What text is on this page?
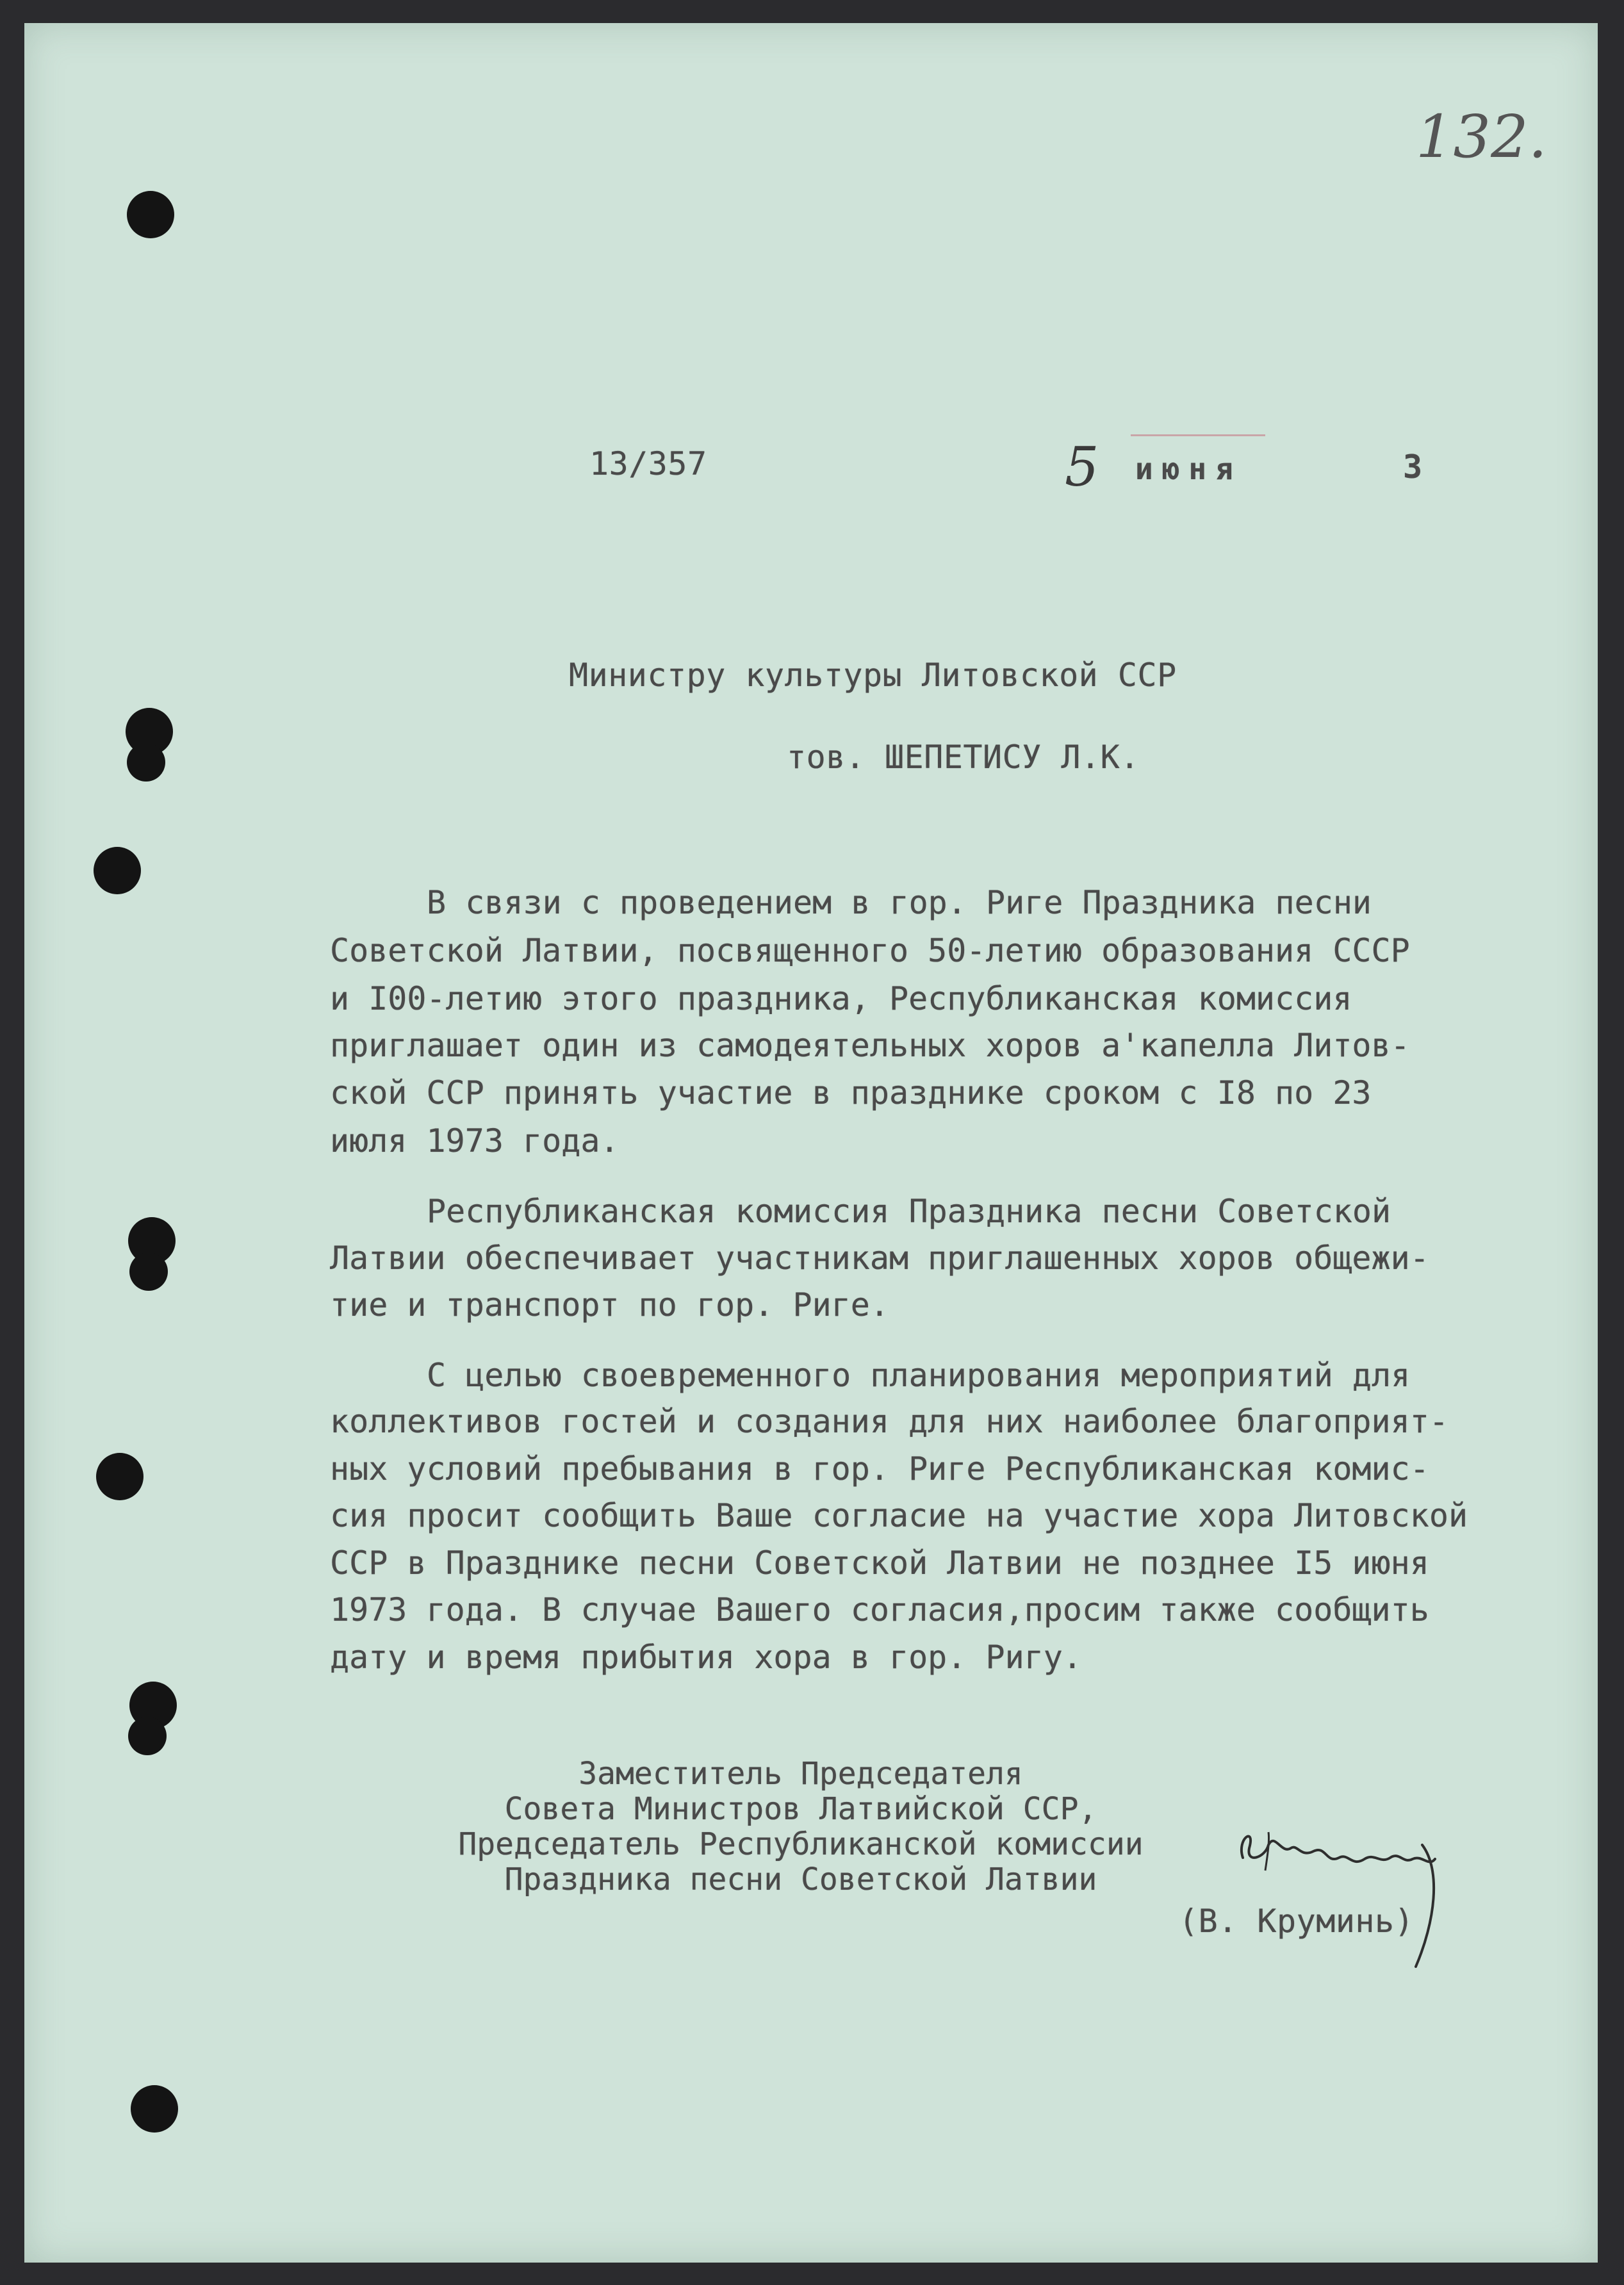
132.
13/357	5 июня	3
Министру культуры Литовской ССР
тов. ШЕПЕТИСУ Л.К.
В связи с проведением в гор. Риге Праздника песни
Советской Латвии, посвященного 50-летию образования СССР
и I00-летию этого праздника, Республиканская комиссия
приглашает один из самодеятельных хоров а'капелла Литов-
ской ССР принять участие в празднике сроком с I8 по 23
июля 1973 года.
Республиканская комиссия Праздника песни Советской
Латвии обеспечивает участникам приглашенных хоров общежи-
тие и транспорт по гор. Риге.
С целью своевременного планирования мероприятий для
коллективов гостей и создания для них наиболее благоприят-
ных условий пребывания в гор. Риге Республиканская комис-
сия просит сообщить Ваше согласие на участие хора Литовской
ССР в Празднике песни Советской Латвии не позднее I5 июня
1973 года. В случае Вашего согласия,просим также сообщить
дату и время прибытия хора в гор. Ригу.
Заместитель Председателя
Совета Министров Латвийской ССР,
Председатель Республиканской комиссии
Праздника песни Советской Латвии
(В. Круминь)
